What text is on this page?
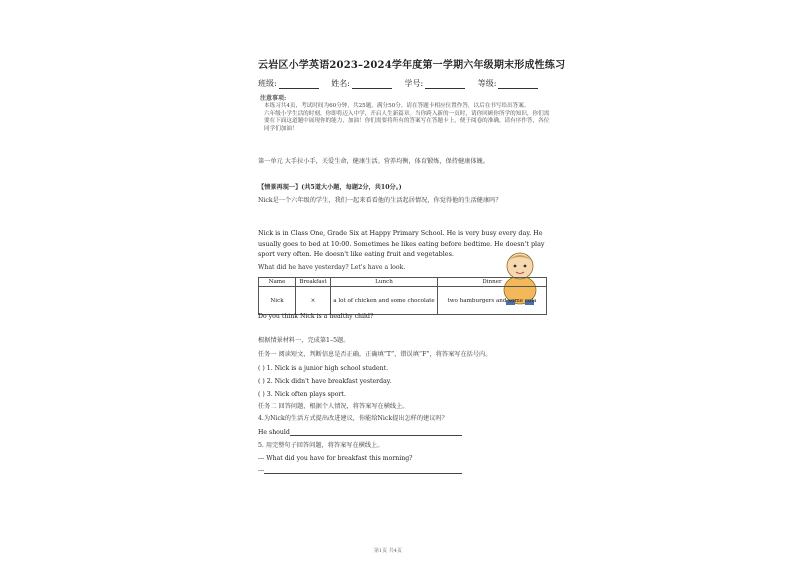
云岩区小学英语2023–2024学年度第一学期六年级期末形成性练习
班级:	姓名:	学号:	等级:
注意事项:
本练习共4页，考试时间为60分钟，共25题，满分50分。请在答题卡相应位置作答，以后在书写给出答案。
六年级小学生活的时刻，你即将迈入中学，开启人生新篇章。当你跨入新的一页时，请你回顾你所学的知识，你们需要在下面这道题中展现你的能力，加油！你们需要将所有的答案写在答题卡上，便于阅卷的准确，请有序作答，各位同学们加油！
第一单元 大手拉小手，关爱生命，健康生活。营养均衡，体育锻炼，保持健康体魄。
【情景再现一】(共5道大小题，每题2分，共10分。)
Nick是一个六年级的学生，我们一起来看看他的生活起居情况，你觉得他的生活健康吗？
Nick is in Class One, Grade Six at Happy Primary School. He is very busy every day. He usually goes to bed at 10:00. Sometimes he likes eating before bedtime. He doesn't play sport very often. He doesn't like eating fruit and vegetables.
What did he have yesterday? Let's have a look.
Name	Breakfast	Lunch	Dinner
Nick	×	a lot of chicken and some chocolate	two hamburgers and some cola
Do you think Nick is a healthy child?
根据情景材料一，完成第1–5题。
任务一 阅读短文，判断信息是否正确，正确填“T”，错误填“F”，将答案写在括号内。
( ) 1. Nick is a junior high school student.
( ) 2. Nick didn't have breakfast yesterday.
( ) 3. Nick often plays sport.
任务二 回答问题，根据个人情况，将答案写在横线上。
4.为Nick的生活方式提出改进建议，你能给Nick提出怎样的建议吗？
He should
5. 用完整句子回答问题，将答案写在横线上。
--- What did you have for breakfast this morning?
---
第1页 共4页
